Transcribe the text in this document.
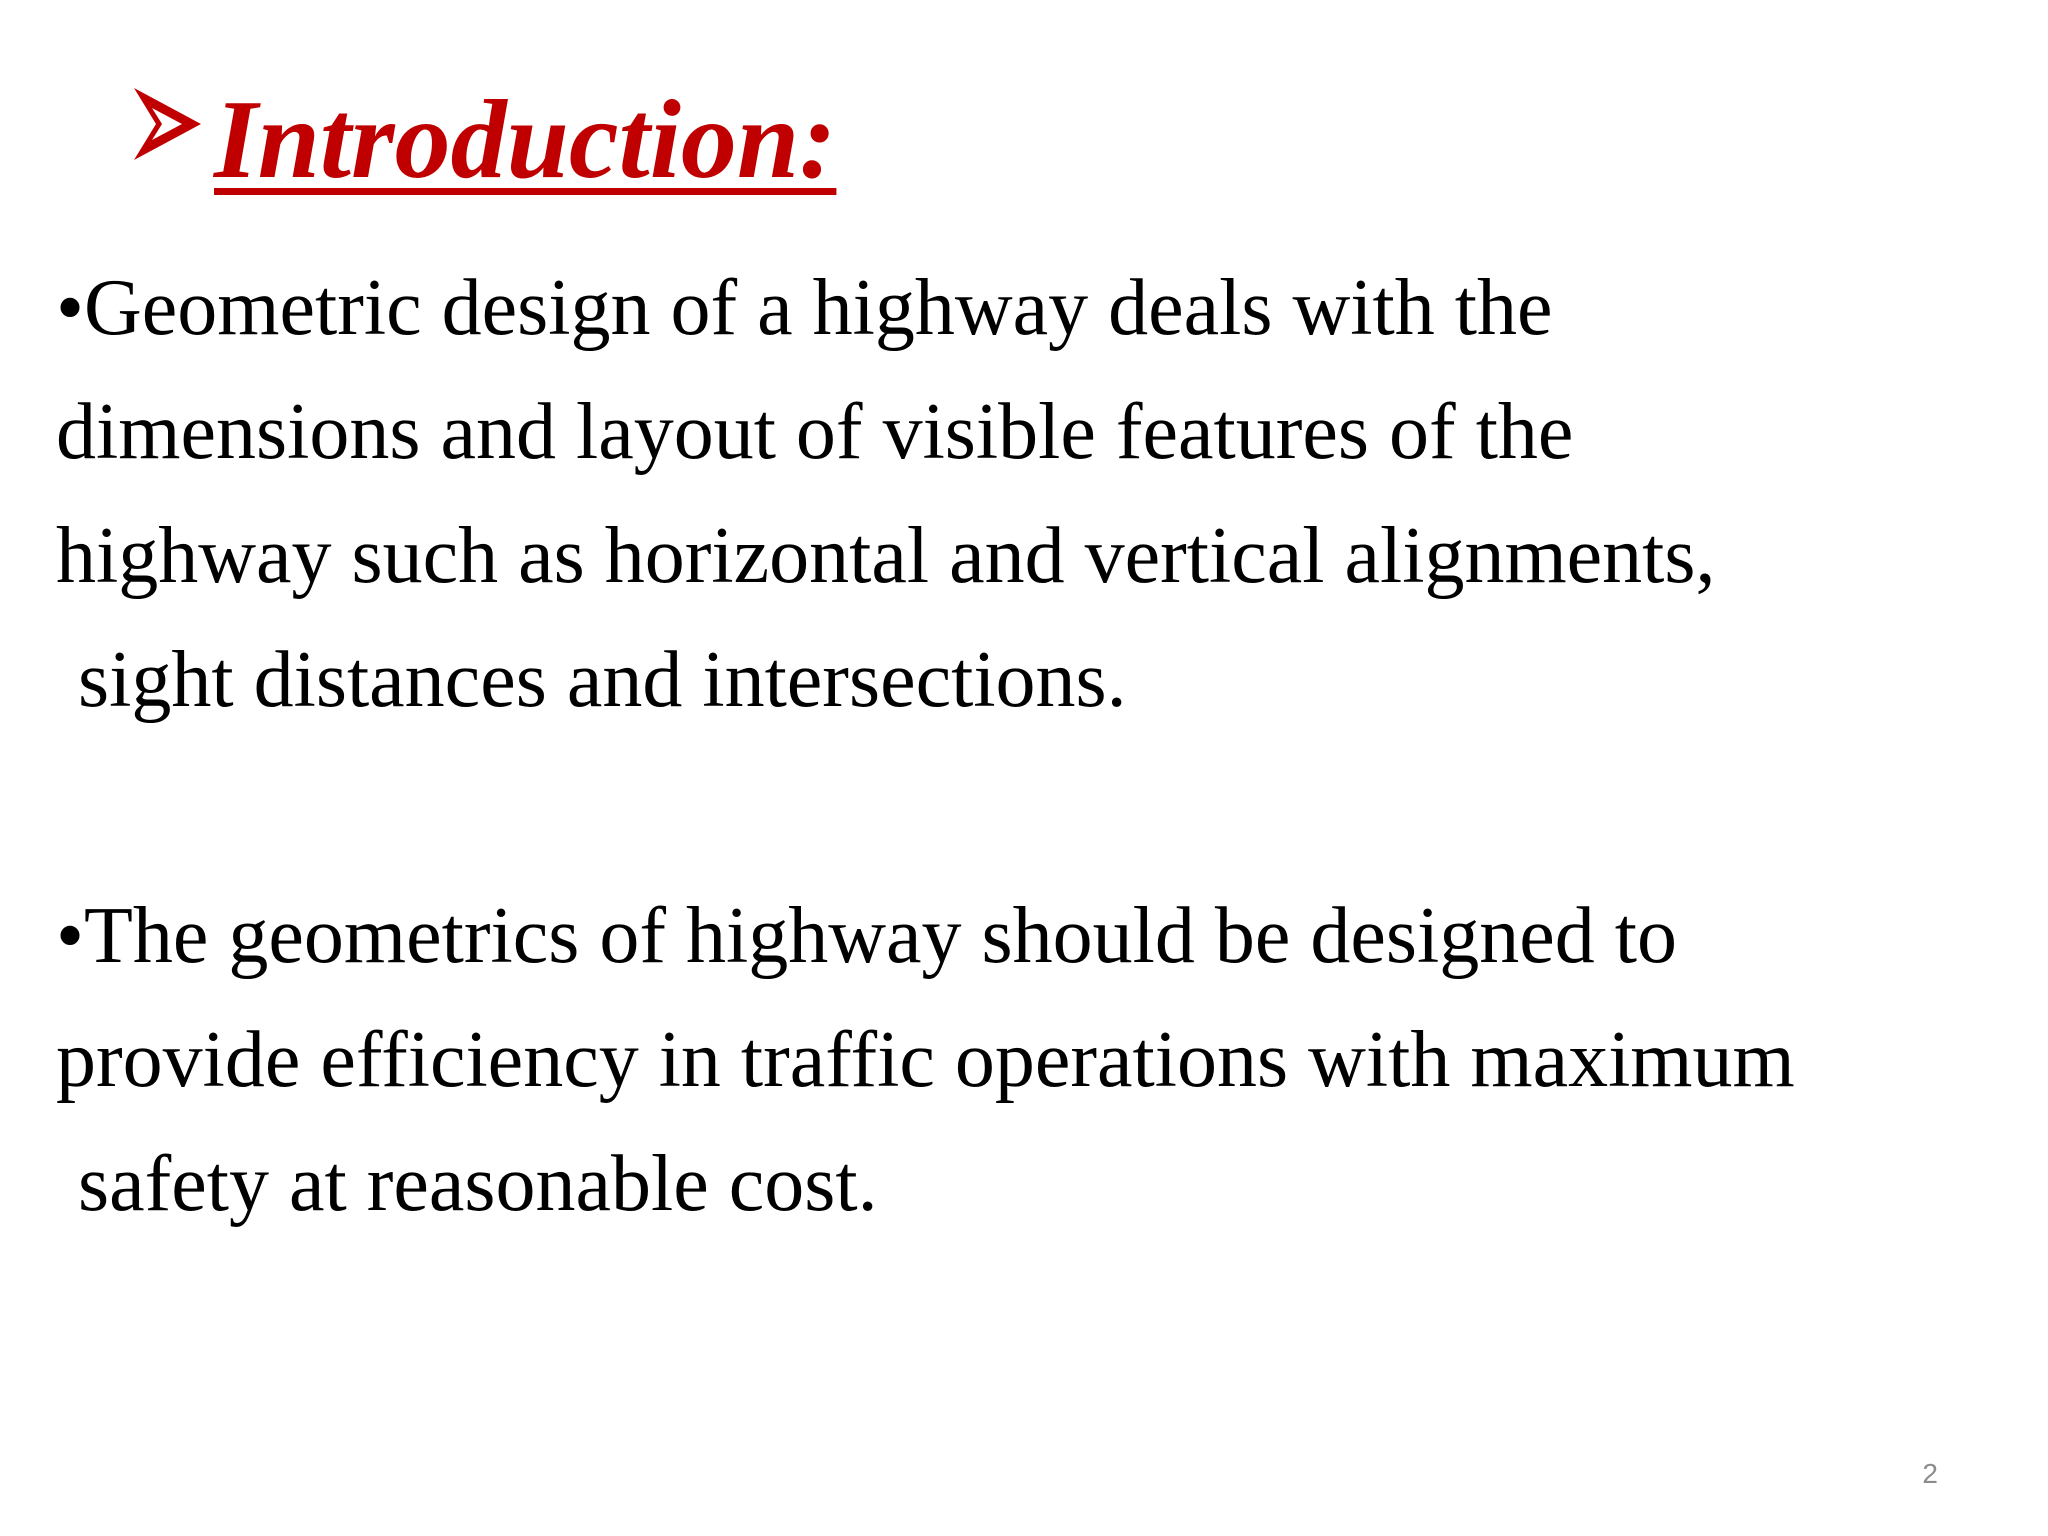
Introduction:
•Geometric design of a highway deals with the
dimensions and layout of visible features of the
highway such as horizontal and vertical alignments,
sight distances and intersections.
•The geometrics of highway should be designed to
provide efficiency in traffic operations with maximum
safety at reasonable cost.
2
